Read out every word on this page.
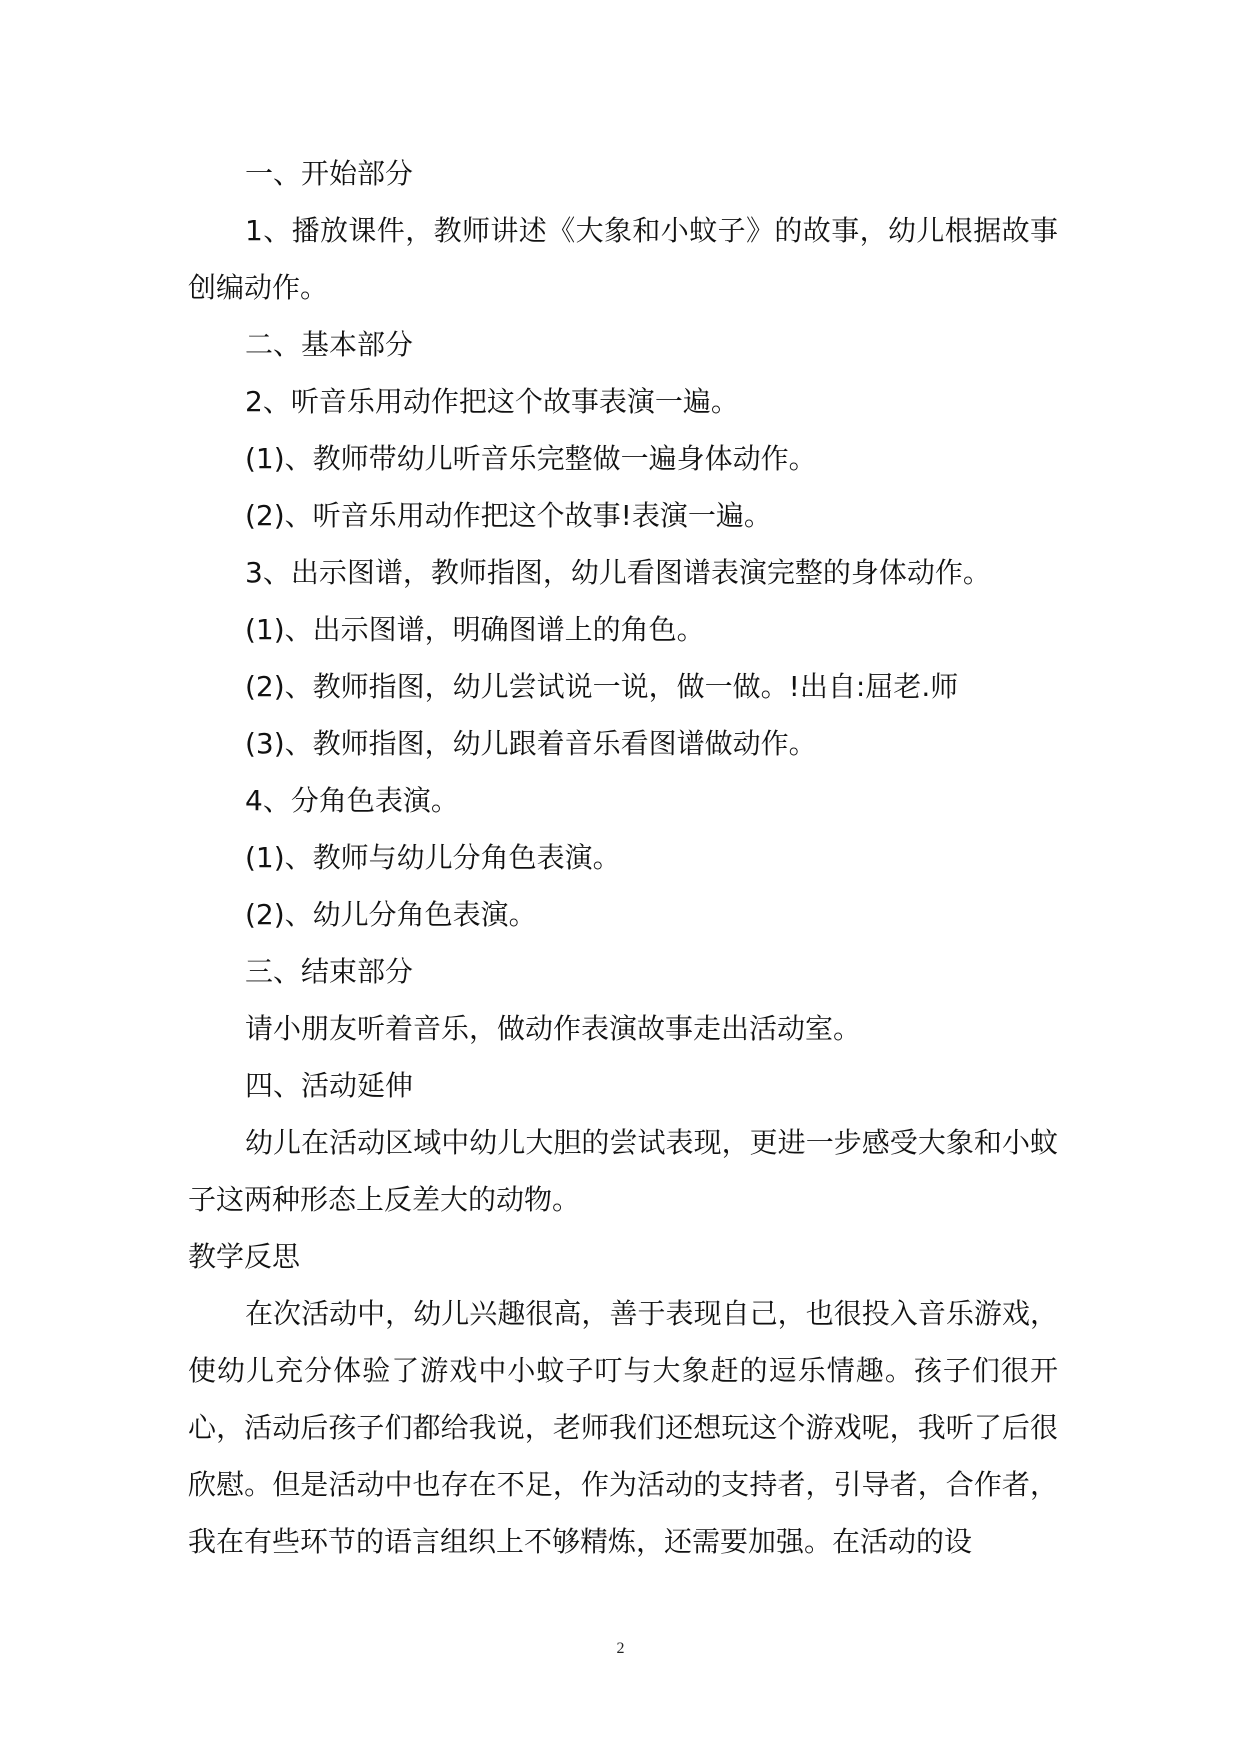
一、开始部分

1、播放课件，教师讲述《大象和小蚊子》的故事，幼儿根据故事创编动作。

二、基本部分

2、听音乐用动作把这个故事表演一遍。

(1)、教师带幼儿听音乐完整做一遍身体动作。

(2)、听音乐用动作把这个故事!表演一遍。

3、出示图谱，教师指图，幼儿看图谱表演完整的身体动作。

(1)、出示图谱，明确图谱上的角色。

(2)、教师指图，幼儿尝试说一说，做一做。!出自:屈老.师

(3)、教师指图，幼儿跟着音乐看图谱做动作。

4、分角色表演。

(1)、教师与幼儿分角色表演。

(2)、幼儿分角色表演。

三、结束部分

请小朋友听着音乐，做动作表演故事走出活动室。

四、活动延伸

幼儿在活动区域中幼儿大胆的尝试表现，更进一步感受大象和小蚊子这两种形态上反差大的动物。

教学反思

在次活动中，幼儿兴趣很高，善于表现自己，也很投入音乐游戏，使幼儿充分体验了游戏中小蚊子叮与大象赶的逗乐情趣。孩子们很开心，活动后孩子们都给我说，老师我们还想玩这个游戏呢，我听了后很欣慰。但是活动中也存在不足，作为活动的支持者，引导者，合作者，我在有些环节的语言组织上不够精炼，还需要加强。在活动的设

2
